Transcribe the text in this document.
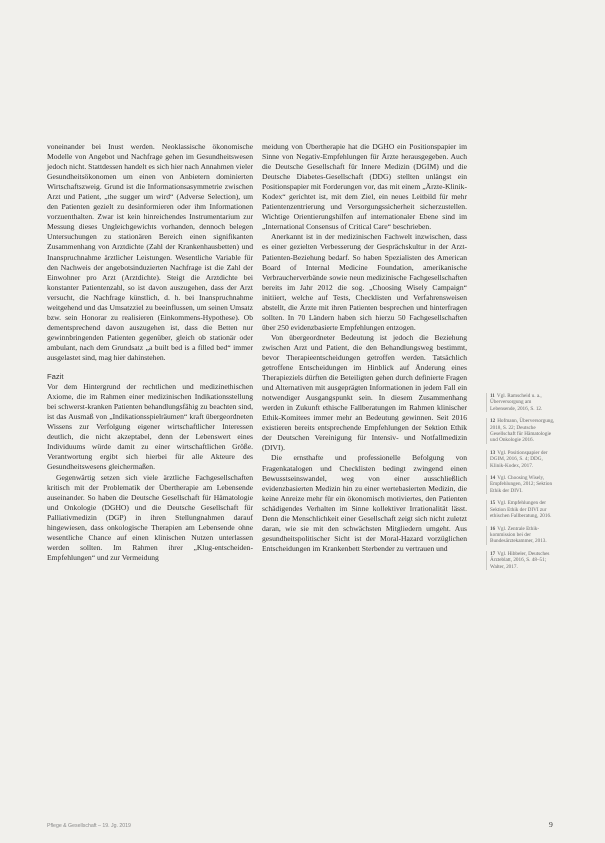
voneinander bei Inust werden. Neoklassische ökonomische Modelle von Angebot und Nachfrage gehen im Gesundheitswesen jedoch nicht. Stattdessen handelt es sich hier nach Annahmen vieler Gesundheitsökonomen um einen von Anbietern dominierten Wirtschaftszweig. Grund ist die Informationsasymmetrie zwischen Arzt und Patient, „the sugger um wird“ (Adverse Selection), um den Patienten gezielt zu desinformieren oder ihm Informationen vorzuenthalten. Zwar ist kein hinreichendes Instrumentarium zur Messung dieses Ungleichgewichts vorhanden, dennoch belegen Untersuchungen zu stationären Bereich einen signifikanten Zusammenhang von Arztdichte (Zahl der Krankenhausbetten) und Inanspruchnahme ärztlicher Leistungen. Wesentliche Variable für den Nachweis der angebotsinduzierten Nachfrage ist die Zahl der Einwohner pro Arzt (Arztdichte). Steigt die Arztdichte bei konstanter Patientenzahl, so ist davon auszugehen, dass der Arzt versucht, die Nachfrage künstlich, d. h. bei Inanspruchnahme weitgehend und das Umsatzziel zu beeinflussen, um seinen Umsatz bzw. sein Honorar zu realisieren (Einkommens-Hypothese). Ob dementsprechend davon auszugehen ist, dass die Betten nur gewinnbringenden Patienten gegenüber, gleich ob stationär oder ambulant, nach dem Grundsatz „a built bed is a filled bed“ immer ausgelastet sind, mag hier dahinstehen.

Fazit

Vor dem Hintergrund der rechtlichen und medizinethischen Axiome, die im Rahmen einer medizinischen Indikationsstellung bei schwerst-kranken Patienten behandlungsfähig zu beachten sind, ist das Ausmaß von „Indikationsspielräumen“ kraft übergeordneten Wissens zur Verfolgung eigener wirtschaftlicher Interessen deutlich, die nicht akzeptabel, denn der Lebenswert eines Individuums würde damit zu einer wirtschaftlichen Größe. Verantwortung ergibt sich hierbei für alle Akteure des Gesundheitswesens gleichermaßen.

Gegenwärtig setzen sich viele ärztliche Fachgesellschaften kritisch mit der Problematik der Übertherapie am Lebensende auseinander. So haben die Deutsche Gesellschaft für Hämatologie und Onkologie (DGHO) und die Deutsche Gesellschaft für Palliativmedizin (DGP) in ihren Stellungnahmen darauf hingewiesen, dass onkologische Therapien am Lebensende ohne wesentliche Chance auf einen klinischen Nutzen unterlassen werden sollten. Im Rahmen ihrer „Klug-entscheiden-Empfehlungen“ und zur Vermeidung

meidung von Übertherapie hat die DGHO ein Positionspapier im Sinne von Negativ-Empfehlungen für Ärzte herausgegeben. Auch die Deutsche Gesellschaft für Innere Medizin (DGIM) und die Deutsche Diabetes-Gesellschaft (DDG) stellten unlängst ein Positionspapier mit Forderungen vor, das mit einem „Ärzte-Klinik-Kodex“ gerichtet ist, mit dem Ziel, ein neues Leitbild für mehr Patientenzentrierung und Versorgungssicherheit sicherzustellen. Wichtige Orientierungshilfen auf internationaler Ebene sind im „International Consensus of Critical Care“ beschrieben.

Anerkannt ist in der medizinischen Fachwelt inzwischen, dass es einer gezielten Verbesserung der Gesprächskultur in der Arzt-Patienten-Beziehung bedarf. So haben Spezialisten des American Board of Internal Medicine Foundation, amerikanische Verbraucherverbände sowie neun medizinische Fachgesellschaften bereits im Jahr 2012 die sog. „Choosing Wisely Campaign“ initiiert, welche auf Tests, Checklisten und Verfahrensweisen abstellt, die Ärzte mit ihren Patienten besprechen und hinterfragen sollten. In 70 Ländern haben sich hierzu 50 Fachgesellschaften über 250 evidenzbasierte Empfehlungen entzogen.

Von übergeordneter Bedeutung ist jedoch die Beziehung zwischen Arzt und Patient, die den Behandlungsweg bestimmt, bevor Therapieentscheidungen getroffen werden. Tatsächlich getroffene Entscheidungen im Hinblick auf Änderung eines Therapieziels dürften die Beteiligten gehen durch definierte Fragen und Alternativen mit ausgeprägten Informationen in jedem Fall ein notwendiger Ausgangspunkt sein. In diesem Zusammenhang werden in Zukunft ethische Fallberatungen im Rahmen klinischer Ethik-Komitees immer mehr an Bedeutung gewinnen. Seit 2016 existieren bereits entsprechende Empfehlungen der Sektion Ethik der Deutschen Vereinigung für Intensiv- und Notfallmedizin (DIVI).

Die ernsthafte und professionelle Befolgung von Fragenkatalogen und Checklisten bedingt zwingend einen Bewusstseinswandel, weg von einer ausschließlich evidenzbasierten Medizin hin zu einer wertebasierten Medizin, die keine Anreize mehr für ein ökonomisch motiviertes, den Patienten schädigendes Verhalten im Sinne kollektiver Irrationalität lässt. Denn die Menschlichkeit einer Gesellschaft zeigt sich nicht zuletzt daran, wie sie mit den schwächsten Mitgliedern umgeht. Aus gesundheitspolitischer Sicht ist der Moral-Hazard vorzüglichen Entscheidungen im Krankenbett Sterbender zu vertrauen und

11 Vgl. Ramscheid u. a., Überversorgung am Lebensende, 2016, S. 12.
12 Hofmann, Überversorgung, 2018, S. 22; Deutsche Gesellschaft für Hämatologie und Onkologie 2016.
13 Vgl. Positionspapier der DGIM, 2016, S. 4; DDG, Klinik-Kodex, 2017.
14 Vgl. Choosing Wisely, Empfehlungen, 2012; Sektion Ethik der DIVI.
15 Vgl. Empfehlungen der Sektion Ethik der DIVI zur ethischen Fallberatung, 2016.
16 Vgl. Zentrale Ethikkommission bei der Bundesärztekammer, 2013.
17 Vgl. Hibbeler, Deutsches Ärzteblatt, 2016, S. 48–51; Walter, 2017.
Pflege & Gesellschaft – 19. Jg. 2019	9
